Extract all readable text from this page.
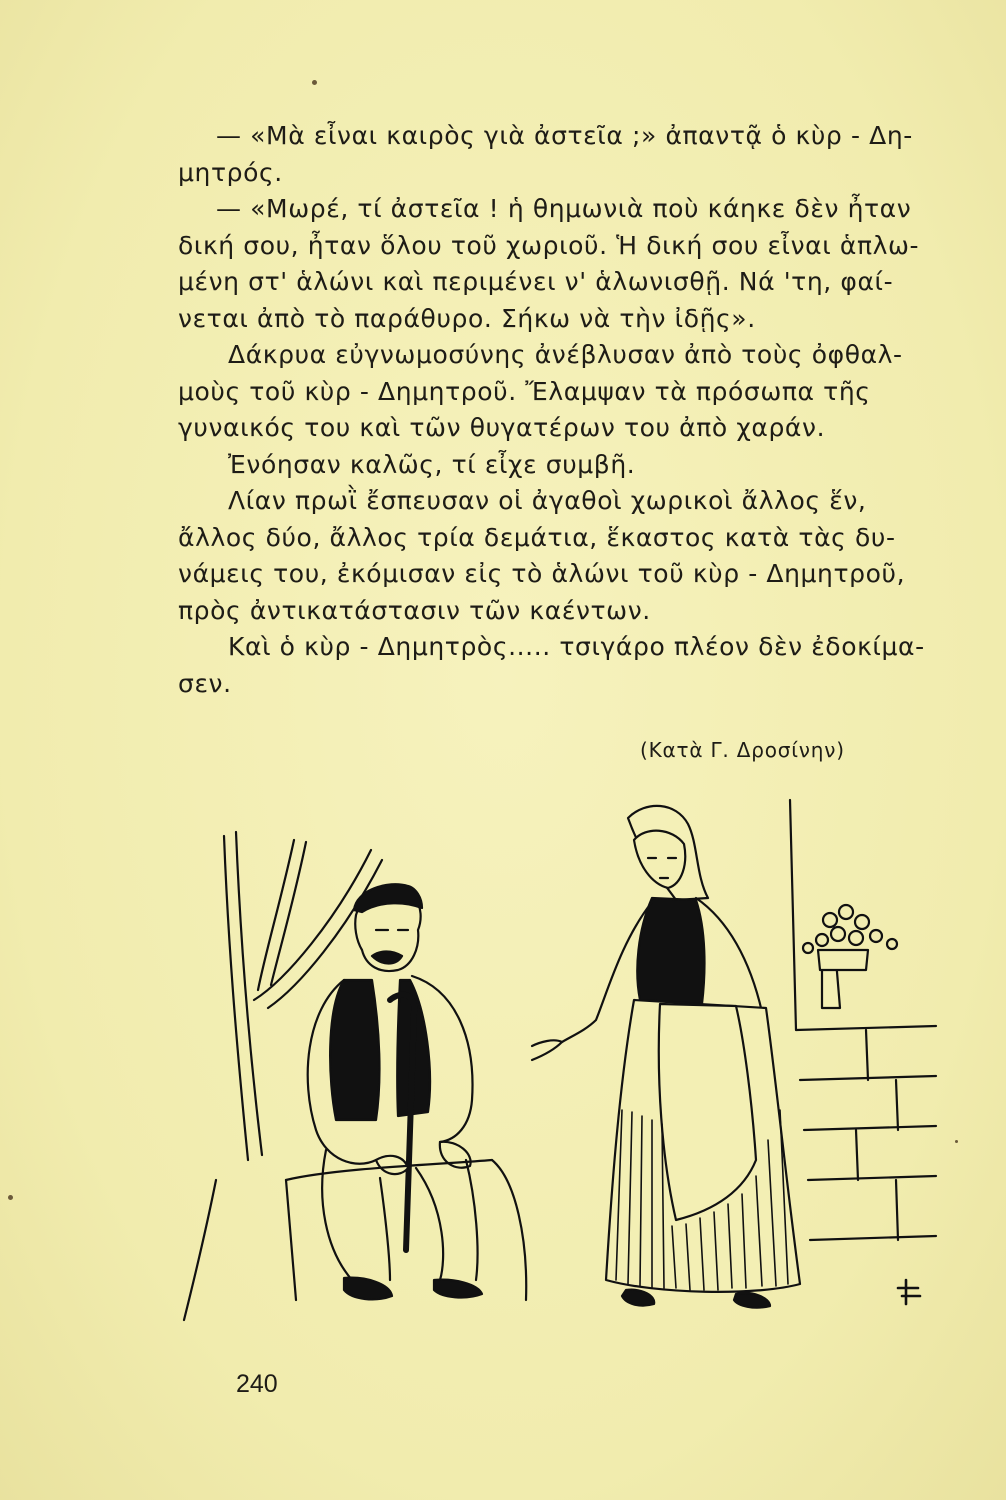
— «Μὰ εἶναι καιρὸς γιὰ ἀστεῖα ;» ἀπαντᾷ ὁ κὺρ - Δη-
μητρός.
— «Μωρέ, τί ἀστεῖα ! ἡ θημωνιὰ ποὺ κάηκε δὲν ἦταν
δική σου, ἦταν ὅλου τοῦ χωριοῦ. Ἡ δική σου εἶναι ἁπλω-
μένη στ' ἁλώνι καὶ περιμένει ν' ἁλωνισθῇ. Νά 'τη, φαί-
νεται ἀπὸ τὸ παράθυρο. Σήκω νὰ τὴν ἰδῇς».
Δάκρυα εὐγνωμοσύνης ἀνέβλυσαν ἀπὸ τοὺς ὀφθαλ-
μοὺς τοῦ κὺρ - Δημητροῦ. Ἔλαμψαν τὰ πρόσωπα τῆς
γυναικός του καὶ τῶν θυγατέρων του ἀπὸ χαράν.
Ἐνόησαν καλῶς, τί εἶχε συμβῆ.
Λίαν πρωῒ ἔσπευσαν οἱ ἀγαθοὶ χωρικοὶ ἄλλος ἕν,
ἄλλος δύο, ἄλλος τρία δεμάτια, ἕκαστος κατὰ τὰς δυ-
νάμεις του, ἐκόμισαν εἰς τὸ ἁλώνι τοῦ κὺρ - Δημητροῦ,
πρὸς ἀντικατάστασιν τῶν καέντων.
Καὶ ὁ κὺρ - Δημητρὸς..... τσιγάρο πλέον δὲν ἐδοκίμα-
σεν.
(Κατὰ Γ. Δροσίνην)
240
